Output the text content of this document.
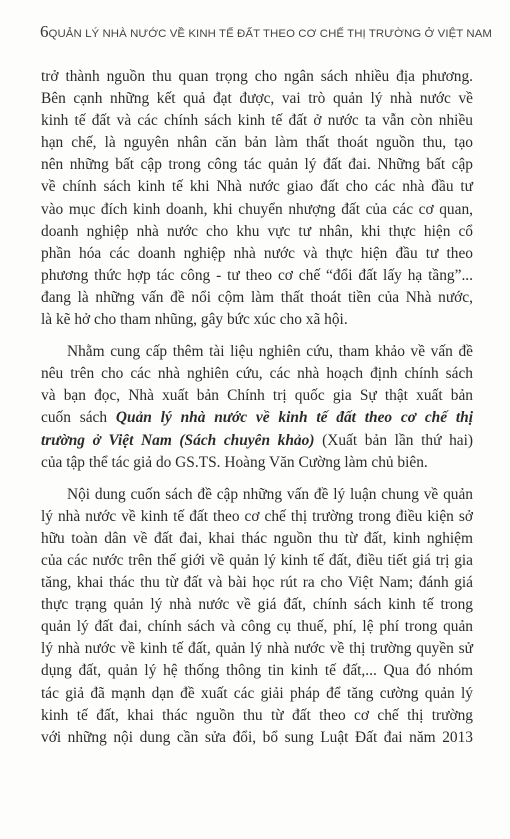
6 QUẢN LÝ NHÀ NƯỚC VỀ KINH TẾ ĐẤT THEO CƠ CHẾ THỊ TRƯỜNG Ở VIỆT NAM
trở thành nguồn thu quan trọng cho ngân sách nhiều địa phương.
Bên cạnh những kết quả đạt được, vai trò quản lý nhà nước về
kinh tế đất và các chính sách kinh tế đất ở nước ta vẫn còn nhiều
hạn chế, là nguyên nhân căn bản làm thất thoát nguồn thu, tạo
nên những bất cập trong công tác quản lý đất đai. Những bất cập
về chính sách kinh tế khi Nhà nước giao đất cho các nhà đầu tư
vào mục đích kinh doanh, khi chuyển nhượng đất của các cơ quan,
doanh nghiệp nhà nước cho khu vực tư nhân, khi thực hiện cổ
phần hóa các doanh nghiệp nhà nước và thực hiện đầu tư theo
phương thức hợp tác công - tư theo cơ chế “đổi đất lấy hạ tầng”...
đang là những vấn đề nổi cộm làm thất thoát tiền của Nhà nước,
là kẽ hở cho tham nhũng, gây bức xúc cho xã hội.
Nhằm cung cấp thêm tài liệu nghiên cứu, tham khảo về vấn đề
nêu trên cho các nhà nghiên cứu, các nhà hoạch định chính sách
và bạn đọc, Nhà xuất bản Chính trị quốc gia Sự thật xuất bản
cuốn sách Quản lý nhà nước về kinh tế đất theo cơ chế thị
trường ở Việt Nam (Sách chuyên khảo) (Xuất bản lần thứ hai)
của tập thể tác giả do GS.TS. Hoàng Văn Cường làm chủ biên.
Nội dung cuốn sách đề cập những vấn đề lý luận chung về quản
lý nhà nước về kinh tế đất theo cơ chế thị trường trong điều kiện sở
hữu toàn dân về đất đai, khai thác nguồn thu từ đất, kinh nghiệm
của các nước trên thế giới về quản lý kinh tế đất, điều tiết giá trị gia
tăng, khai thác thu từ đất và bài học rút ra cho Việt Nam; đánh giá
thực trạng quản lý nhà nước về giá đất, chính sách kinh tế trong
quản lý đất đai, chính sách và công cụ thuế, phí, lệ phí trong quản
lý nhà nước về kinh tế đất, quản lý nhà nước về thị trường quyền sử
dụng đất, quản lý hệ thống thông tin kinh tế đất,... Qua đó nhóm
tác giả đã mạnh dạn đề xuất các giải pháp để tăng cường quản lý
kinh tế đất, khai thác nguồn thu từ đất theo cơ chế thị trường
với những nội dung cần sửa đổi, bổ sung Luật Đất đai năm 2013
